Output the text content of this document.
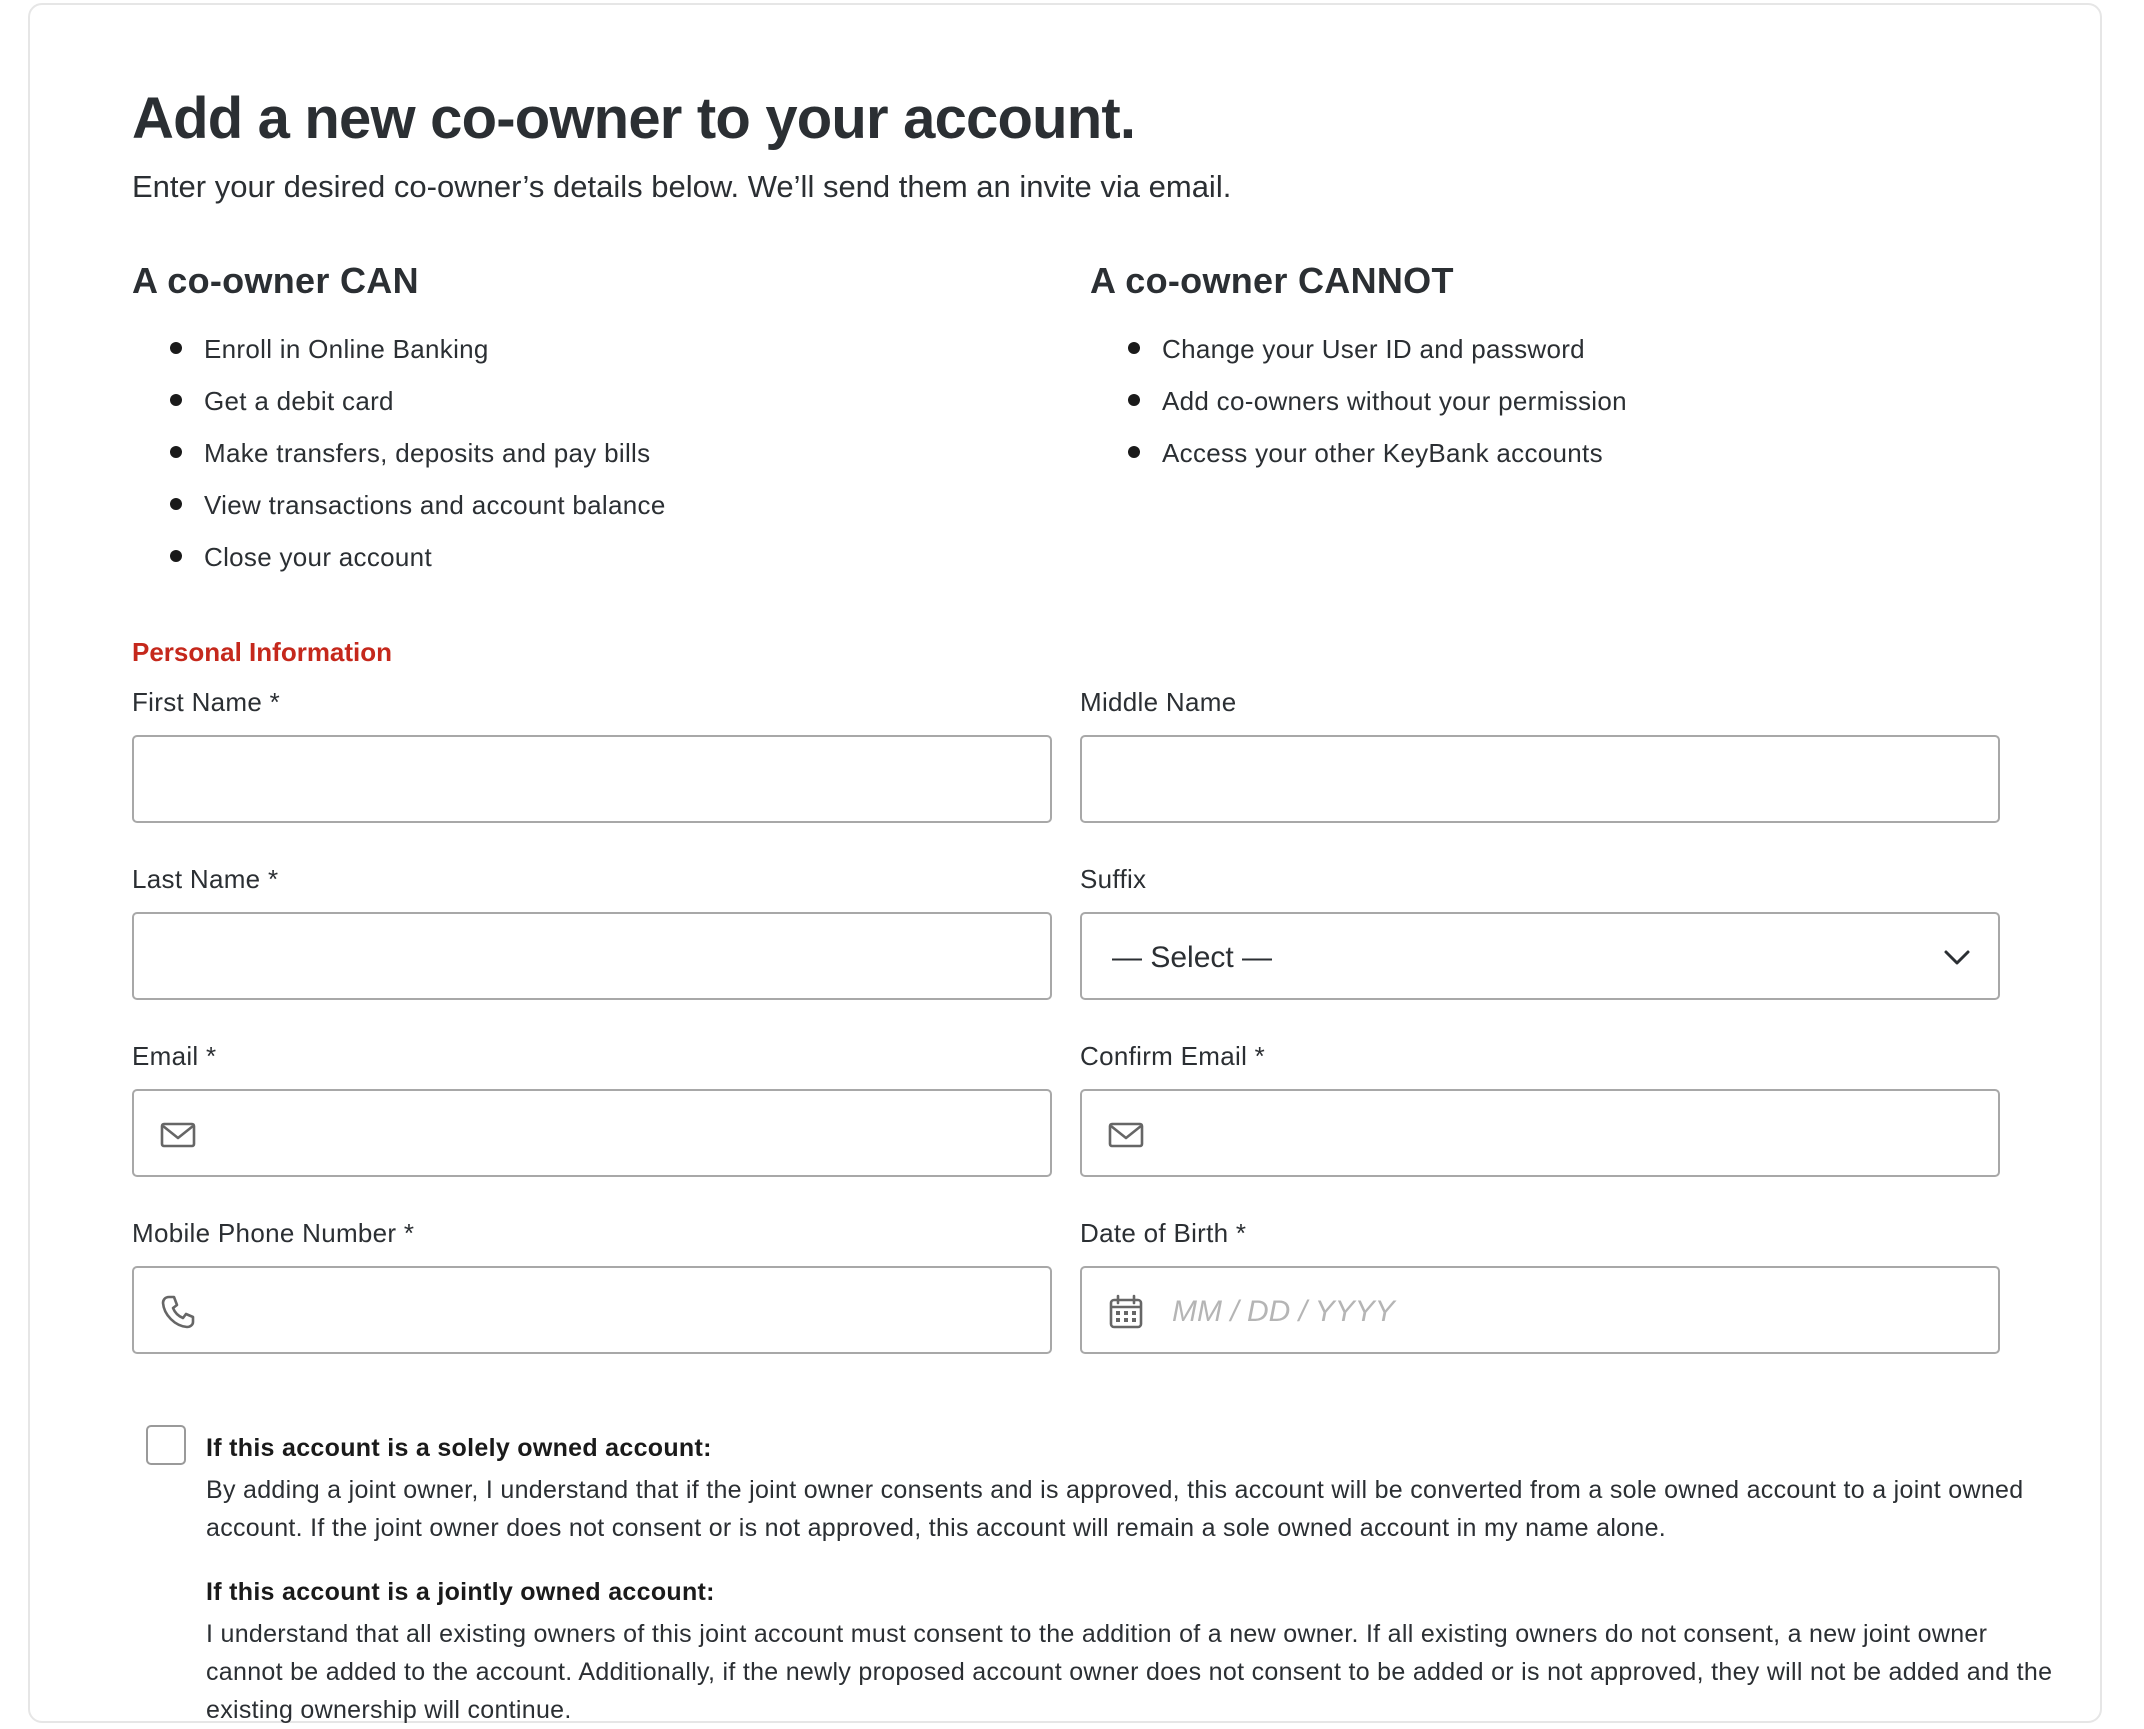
Add a new co-owner to your account.
Enter your desired co-owner’s details below. We’ll send them an invite via email.
A co-owner CAN
Enroll in Online Banking
Get a debit card
Make transfers, deposits and pay bills
View transactions and account balance
Close your account
A co-owner CANNOT
Change your User ID and password
Add co-owners without your permission
Access your other KeyBank accounts
Personal Information
First Name *	Middle Name
Last Name *	Suffix
— Select —
Email *	Confirm Email *
Mobile Phone Number *	Date of Birth *
MM / DD / YYYY
If this account is a solely owned account:

By adding a joint owner, I understand that if the joint owner consents and is approved, this account will be converted from a sole owned account to a joint owned account. If the joint owner does not consent or is not approved, this account will remain a sole owned account in my name alone.

If this account is a jointly owned account:

I understand that all existing owners of this joint account must consent to the addition of a new owner. If all existing owners do not consent, a new joint owner cannot be added to the account. Additionally, if the newly proposed account owner does not consent to be added or is not approved, they will not be added and the existing ownership will continue.
